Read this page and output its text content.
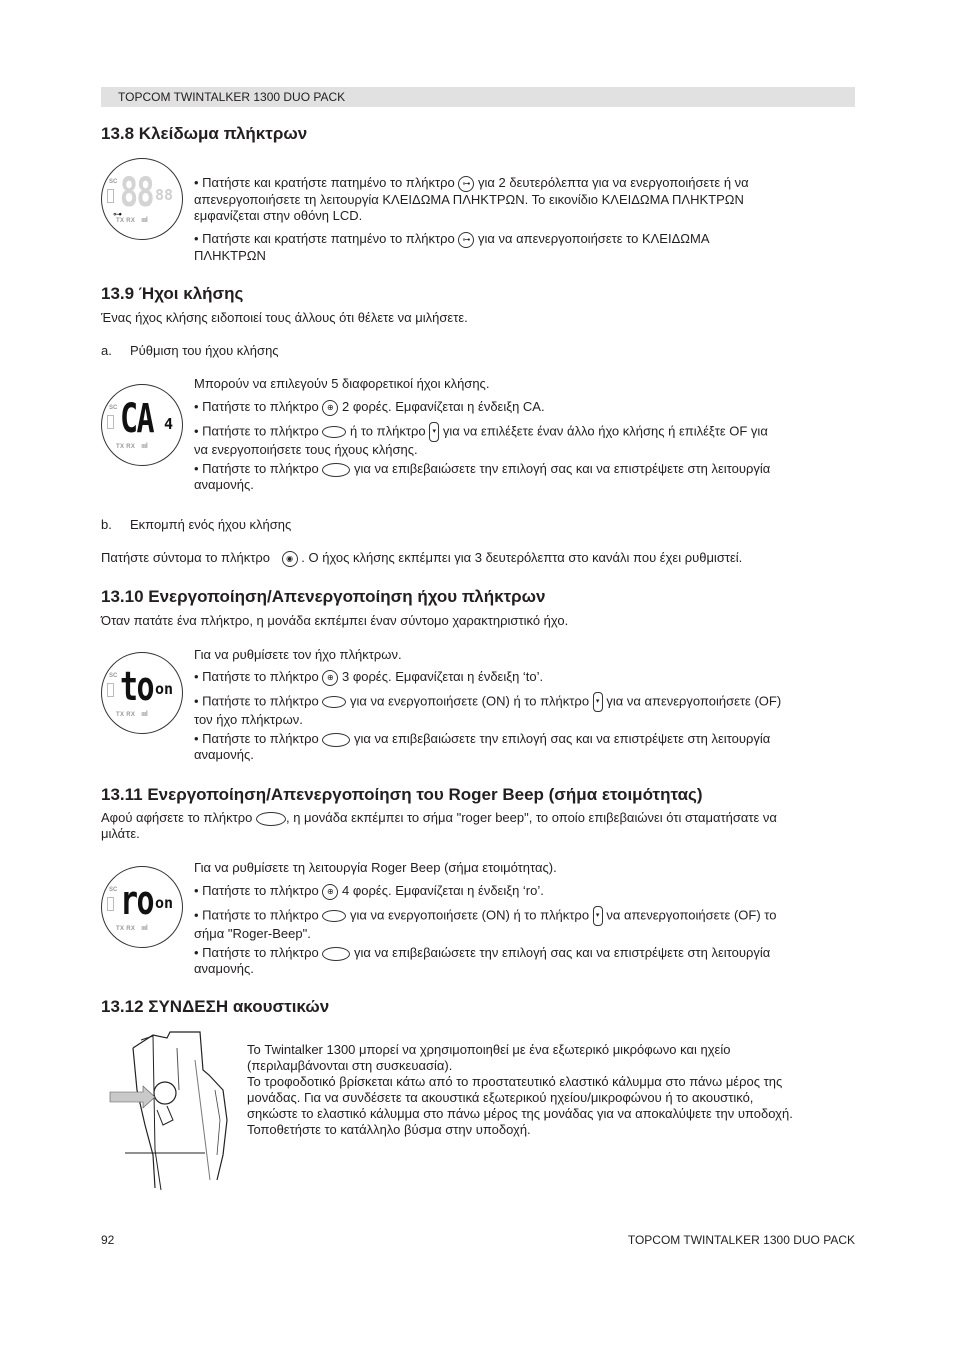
TOPCOM TWINTALKER 1300 DUO PACK
13.8 Κλείδωμα πλήκτρων
SC 88 88
⊶
TX RX ıııııll
• Πατήστε και κρατήστε πατημένο το πλήκτρο ⊶ για 2 δευτερόλεπτα για να ενεργοποιήσετε ή να
απενεργοποιήσετε τη λειτουργία ΚΛΕΙΔΩΜΑ ΠΛΗΚΤΡΩΝ. Το εικονίδιο ΚΛΕΙΔΩΜΑ ΠΛΗΚΤΡΩΝ
εμφανίζεται στην οθόνη LCD.
• Πατήστε και κρατήστε πατημένο το πλήκτρο ⊶ για να απενεργοποιήσετε το ΚΛΕΙΔΩΜΑ
ΠΛΗΚΤΡΩΝ
13.9 Ήχοι κλήσης
Ένας ήχος κλήσης ειδοποιεί τους άλλους ότι θέλετε να μιλήσετε.
a. Ρύθμιση του ήχου κλήσης
SC CA 4
TX RX ıııııll
Μπορούν να επιλεγούν 5 διαφορετικοί ήχοι κλήσης.
• Πατήστε το πλήκτρο ⊕ 2 φορές. Εμφανίζεται η ένδειξη CA.
• Πατήστε το πλήκτρο ή το πλήκτρο ▾ για να επιλέξετε έναν άλλο ήχο κλήσης ή επιλέξτε OF για
να ενεργοποιήσετε τους ήχους κλήσης.
• Πατήστε το πλήκτρο	για να επιβεβαιώσετε την επιλογή σας και να επιστρέψετε στη λειτουργία
αναμονής.
b. Εκπομπή ενός ήχου κλήσης
Πατήστε σύντομα το πλήκτρο ◉ . Ο ήχος κλήσης εκπέμπει για 3 δευτερόλεπτα στο κανάλι που έχει ρυθμιστεί.
13.10 Ενεργοποίηση/Απενεργοποίηση ήχου πλήκτρων
Όταν πατάτε ένα πλήκτρο, η μονάδα εκπέμπει έναν σύντομο χαρακτηριστικό ήχο.
SC to on
TX RX ıııııll
Για να ρυθμίσετε τον ήχο πλήκτρων.
• Πατήστε το πλήκτρο ⊕ 3 φορές. Εμφανίζεται η ένδειξη ‘to’.
• Πατήστε το πλήκτρο για να ενεργοποιήσετε (ON) ή το πλήκτρο ▾ για να απενεργοποιήσετε (OF)
τον ήχο πλήκτρων.
• Πατήστε το πλήκτρο	για να επιβεβαιώσετε την επιλογή σας και να επιστρέψετε στη λειτουργία
αναμονής.
13.11 Ενεργοποίηση/Απενεργοποίηση του Roger Beep (σήμα ετοιμότητας)
Αφού αφήσετε το πλήκτρο	, η μονάδα εκπέμπει το σήμα "roger beep", το οποίο επιβεβαιώνει ότι σταματήσατε να
μιλάτε.
SC ro on
TX RX ıııııll
Για να ρυθμίσετε τη λειτουργία Roger Beep (σήμα ετοιμότητας).
• Πατήστε το πλήκτρο ⊕ 4 φορές. Εμφανίζεται η ένδειξη ‘ro’.
• Πατήστε το πλήκτρο για να ενεργοποιήσετε (ON) ή το πλήκτρο ▾ να απενεργοποιήσετε (OF) το
σήμα "Roger-Beep".
• Πατήστε το πλήκτρο	για να επιβεβαιώσετε την επιλογή σας και να επιστρέψετε στη λειτουργία
αναμονής.
13.12 ΣΥΝΔΕΣΗ ακουστικών
Το Twintalker 1300 μπορεί να χρησιμοποιηθεί με ένα εξωτερικό μικρόφωνο και ηχείο
(περιλαμβάνονται στη συσκευασία).
Το τροφοδοτικό βρίσκεται κάτω από το προστατευτικό ελαστικό κάλυμμα στο πάνω μέρος της
μονάδας. Για να συνδέσετε τα ακουστικά εξωτερικού ηχείου/μικροφώνου ή το ακουστικό,
σηκώστε το ελαστικό κάλυμμα στο πάνω μέρος της μονάδας για να αποκαλύψετε την υποδοχή.
Τοποθετήστε το κατάλληλο βύσμα στην υποδοχή.
92	TOPCOM TWINTALKER 1300 DUO PACK
